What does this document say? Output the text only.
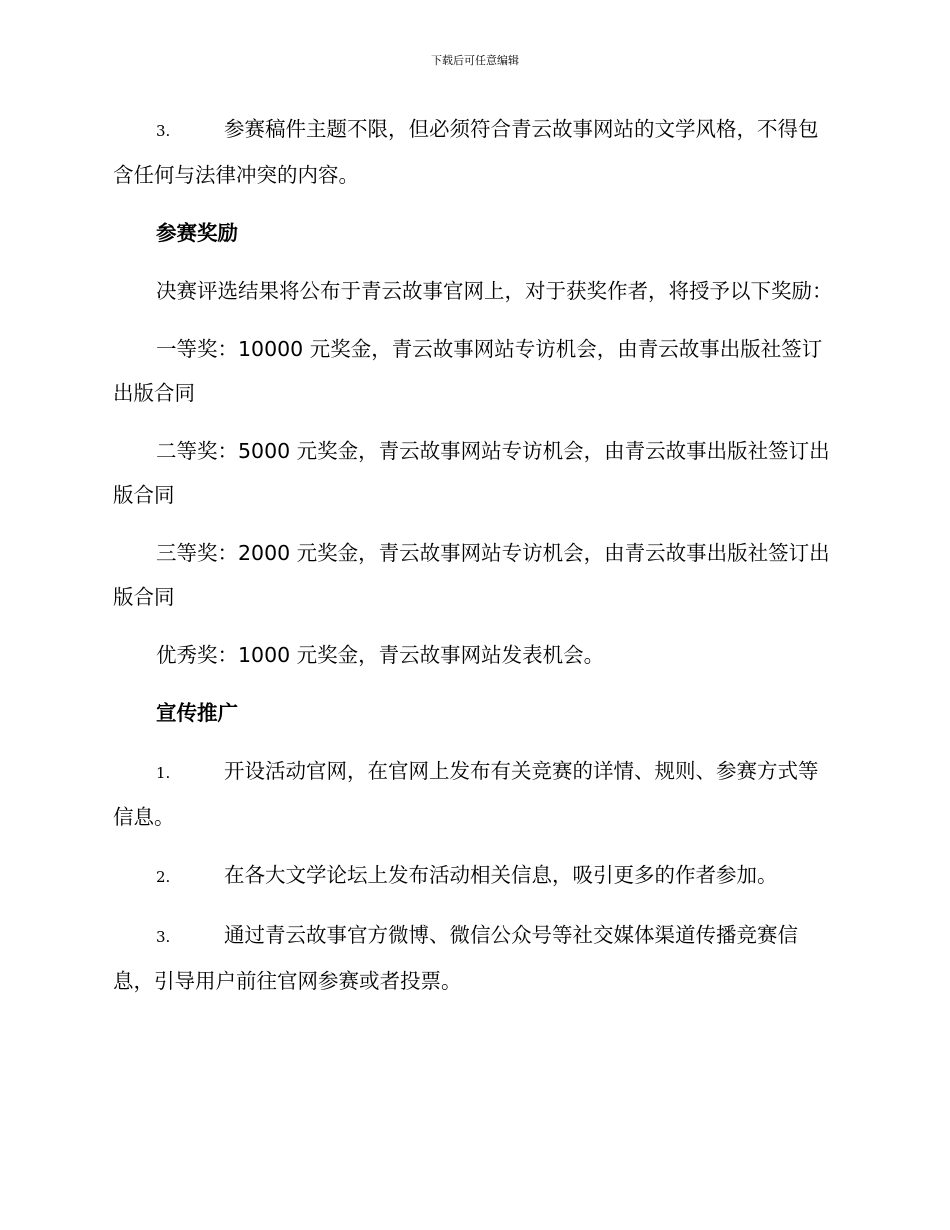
下载后可任意编辑

3.	参赛稿件主题不限，但必须符合青云故事网站的文学风格，不得包含任何与法律冲突的内容。

参赛奖励

决赛评选结果将公布于青云故事官网上，对于获奖作者，将授予以下奖励：

一等奖：10000 元奖金，青云故事网站专访机会，由青云故事出版社签订出版合同

二等奖：5000 元奖金，青云故事网站专访机会，由青云故事出版社签订出版合同

三等奖：2000 元奖金，青云故事网站专访机会，由青云故事出版社签订出版合同

优秀奖：1000 元奖金，青云故事网站发表机会。

宣传推广

1.	开设活动官网，在官网上发布有关竞赛的详情、规则、参赛方式等信息。

2.	在各大文学论坛上发布活动相关信息，吸引更多的作者参加。

3.	通过青云故事官方微博、微信公众号等社交媒体渠道传播竞赛信息，引导用户前往官网参赛或者投票。
